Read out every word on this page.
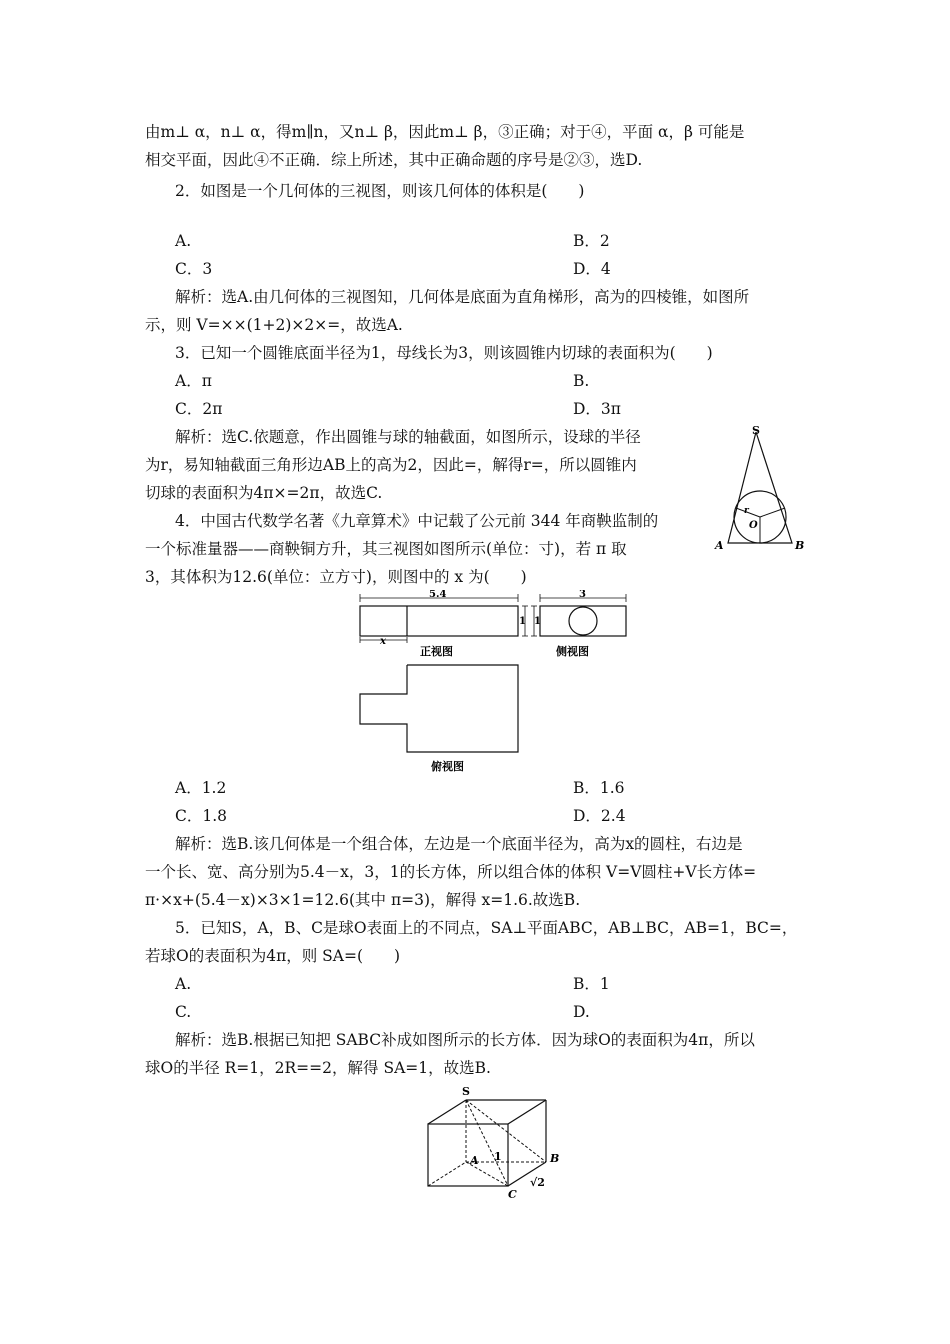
由m⊥ α，n⊥ α，得m∥n，又n⊥ β，因此m⊥ β，③正确；对于④，平面 α，β 可能是
相交平面，因此④不正确．综上所述，其中正确命题的序号是②③，选D.
2．如图是一个几何体的三视图，则该几何体的体积是(　　)
A.	B．2
C．3	D．4
解析：选A.由几何体的三视图知，几何体是底面为直角梯形，高为的四棱锥，如图所
示，则 V=××(1+2)×2×=，故选A.
3．已知一个圆锥底面半径为1，母线长为3，则该圆锥内切球的表面积为(　　)
A．π	B.
C．2π	D．3π
解析：选C.依题意，作出圆锥与球的轴截面，如图所示，设球的半径
为r，易知轴截面三角形边AB上的高为2，因此=，解得r=，所以圆锥内
切球的表面积为4π×=2π，故选C.
4．中国古代数学名著《九章算术》中记载了公元前 344 年商鞅监制的
一个标准量器——商鞅铜方升，其三视图如图所示(单位：寸)，若 π 取
3，其体积为12.6(单位：立方寸)，则图中的 x 为(　　)
S
A	B
O
r
5.4
x
1 1
正视图
3
侧视图
俯视图
A．1.2	B．1.6
C．1.8	D．2.4
解析：选B.该几何体是一个组合体，左边是一个底面半径为，高为x的圆柱，右边是
一个长、宽、高分别为5.4－x，3，1的长方体，所以组合体的体积 V=V圆柱+V长方体=
π·×x+(5.4－x)×3×1=12.6(其中 π=3)，解得 x=1.6.故选B.
5．已知S，A，B、C是球O表面上的不同点，SA⊥平面ABC，AB⊥BC，AB=1，BC=，
若球O的表面积为4π，则 SA=(　　)
A.	B．1
C.	D.
解析：选B.根据已知把 SABC补成如图所示的长方体．因为球O的表面积为4π，所以
球O的半径 R=1，2R==2，解得 SA=1，故选B.
S
A	B
C
1
√2
